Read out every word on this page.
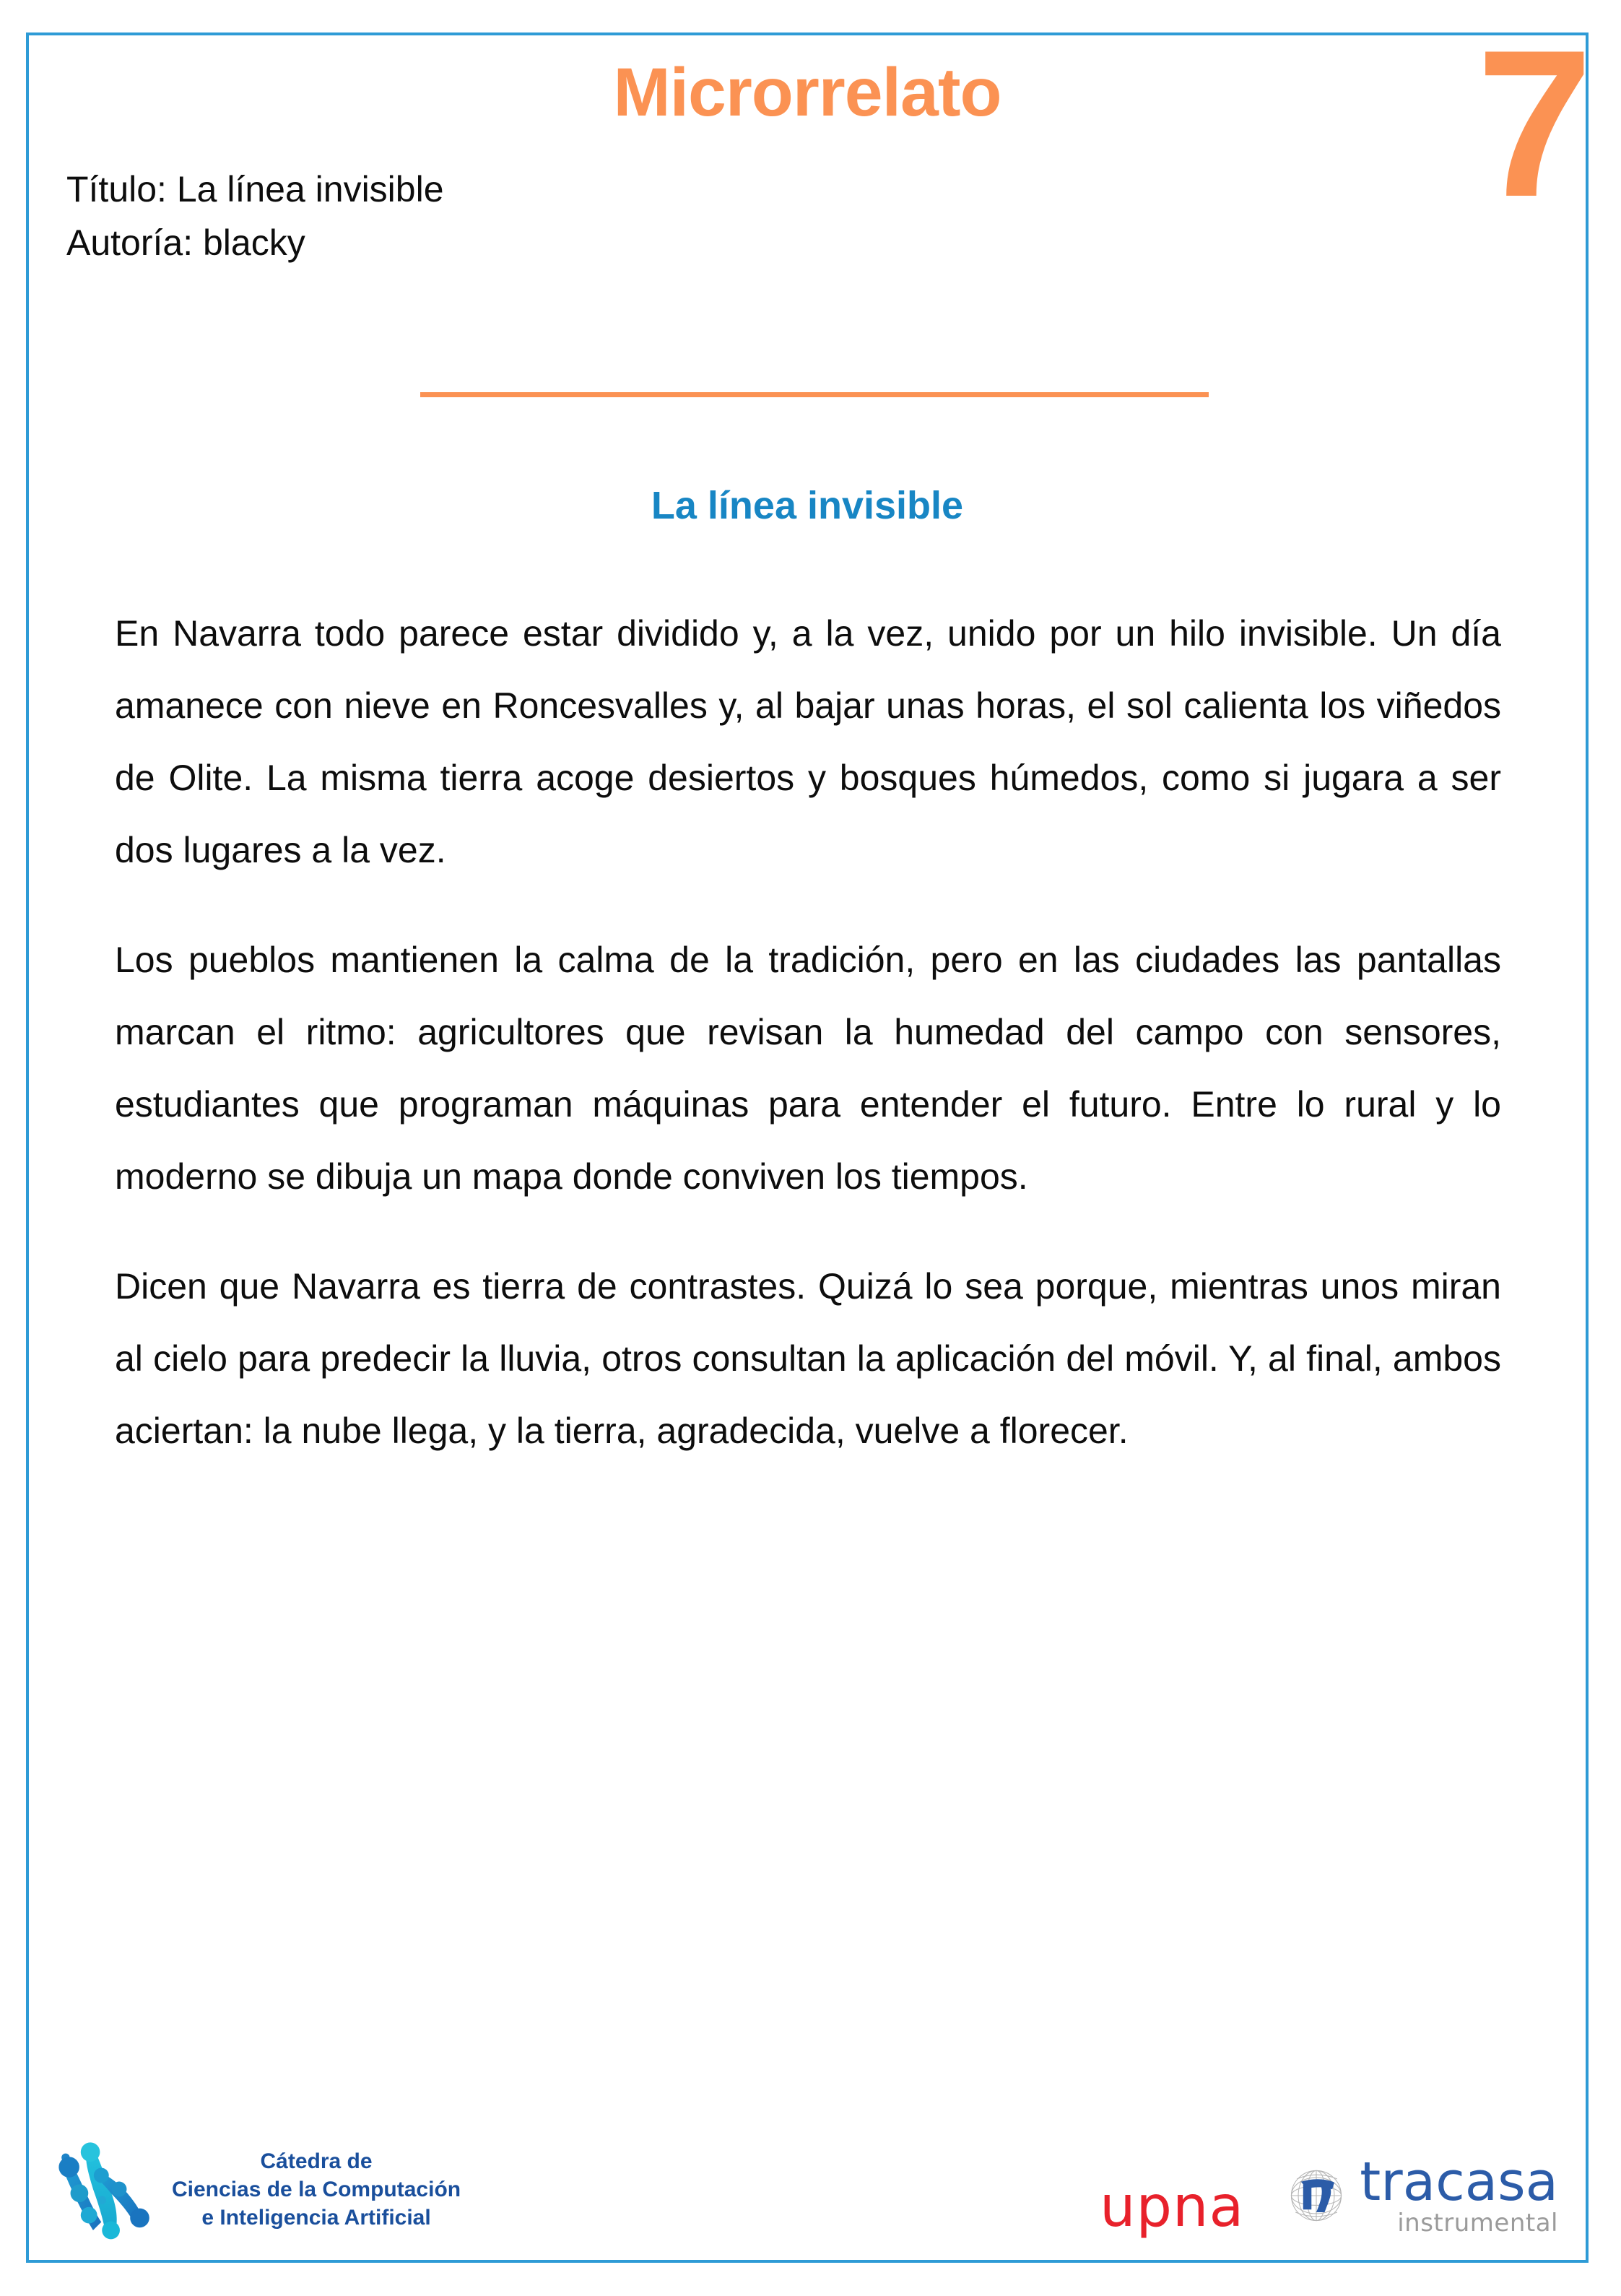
Microrrelato	7
Título: La línea invisible
Autoría: blacky
La línea invisible

En Navarra todo parece estar dividido y, a la vez, unido por un hilo invisible. Un día amanece con nieve en Roncesvalles y, al bajar unas horas, el sol calienta los viñedos de Olite. La misma tierra acoge desiertos y bosques húmedos, como si jugara a ser dos lugares a la vez.

Los pueblos mantienen la calma de la tradición, pero en las ciudades las pantallas marcan el ritmo: agricultores que revisan la humedad del campo con sensores, estudiantes que programan máquinas para entender el futuro. Entre lo rural y lo moderno se dibuja un mapa donde conviven los tiempos.

Dicen que Navarra es tierra de contrastes. Quizá lo sea porque, mientras unos miran al cielo para predecir la lluvia, otros consultan la aplicación del móvil. Y, al final, ambos aciertan: la nube llega, y la tierra, agradecida, vuelve a florecer.

Cátedra de
Ciencias de la Computación
e Inteligencia Artificial	upna tracasa
instrumental
